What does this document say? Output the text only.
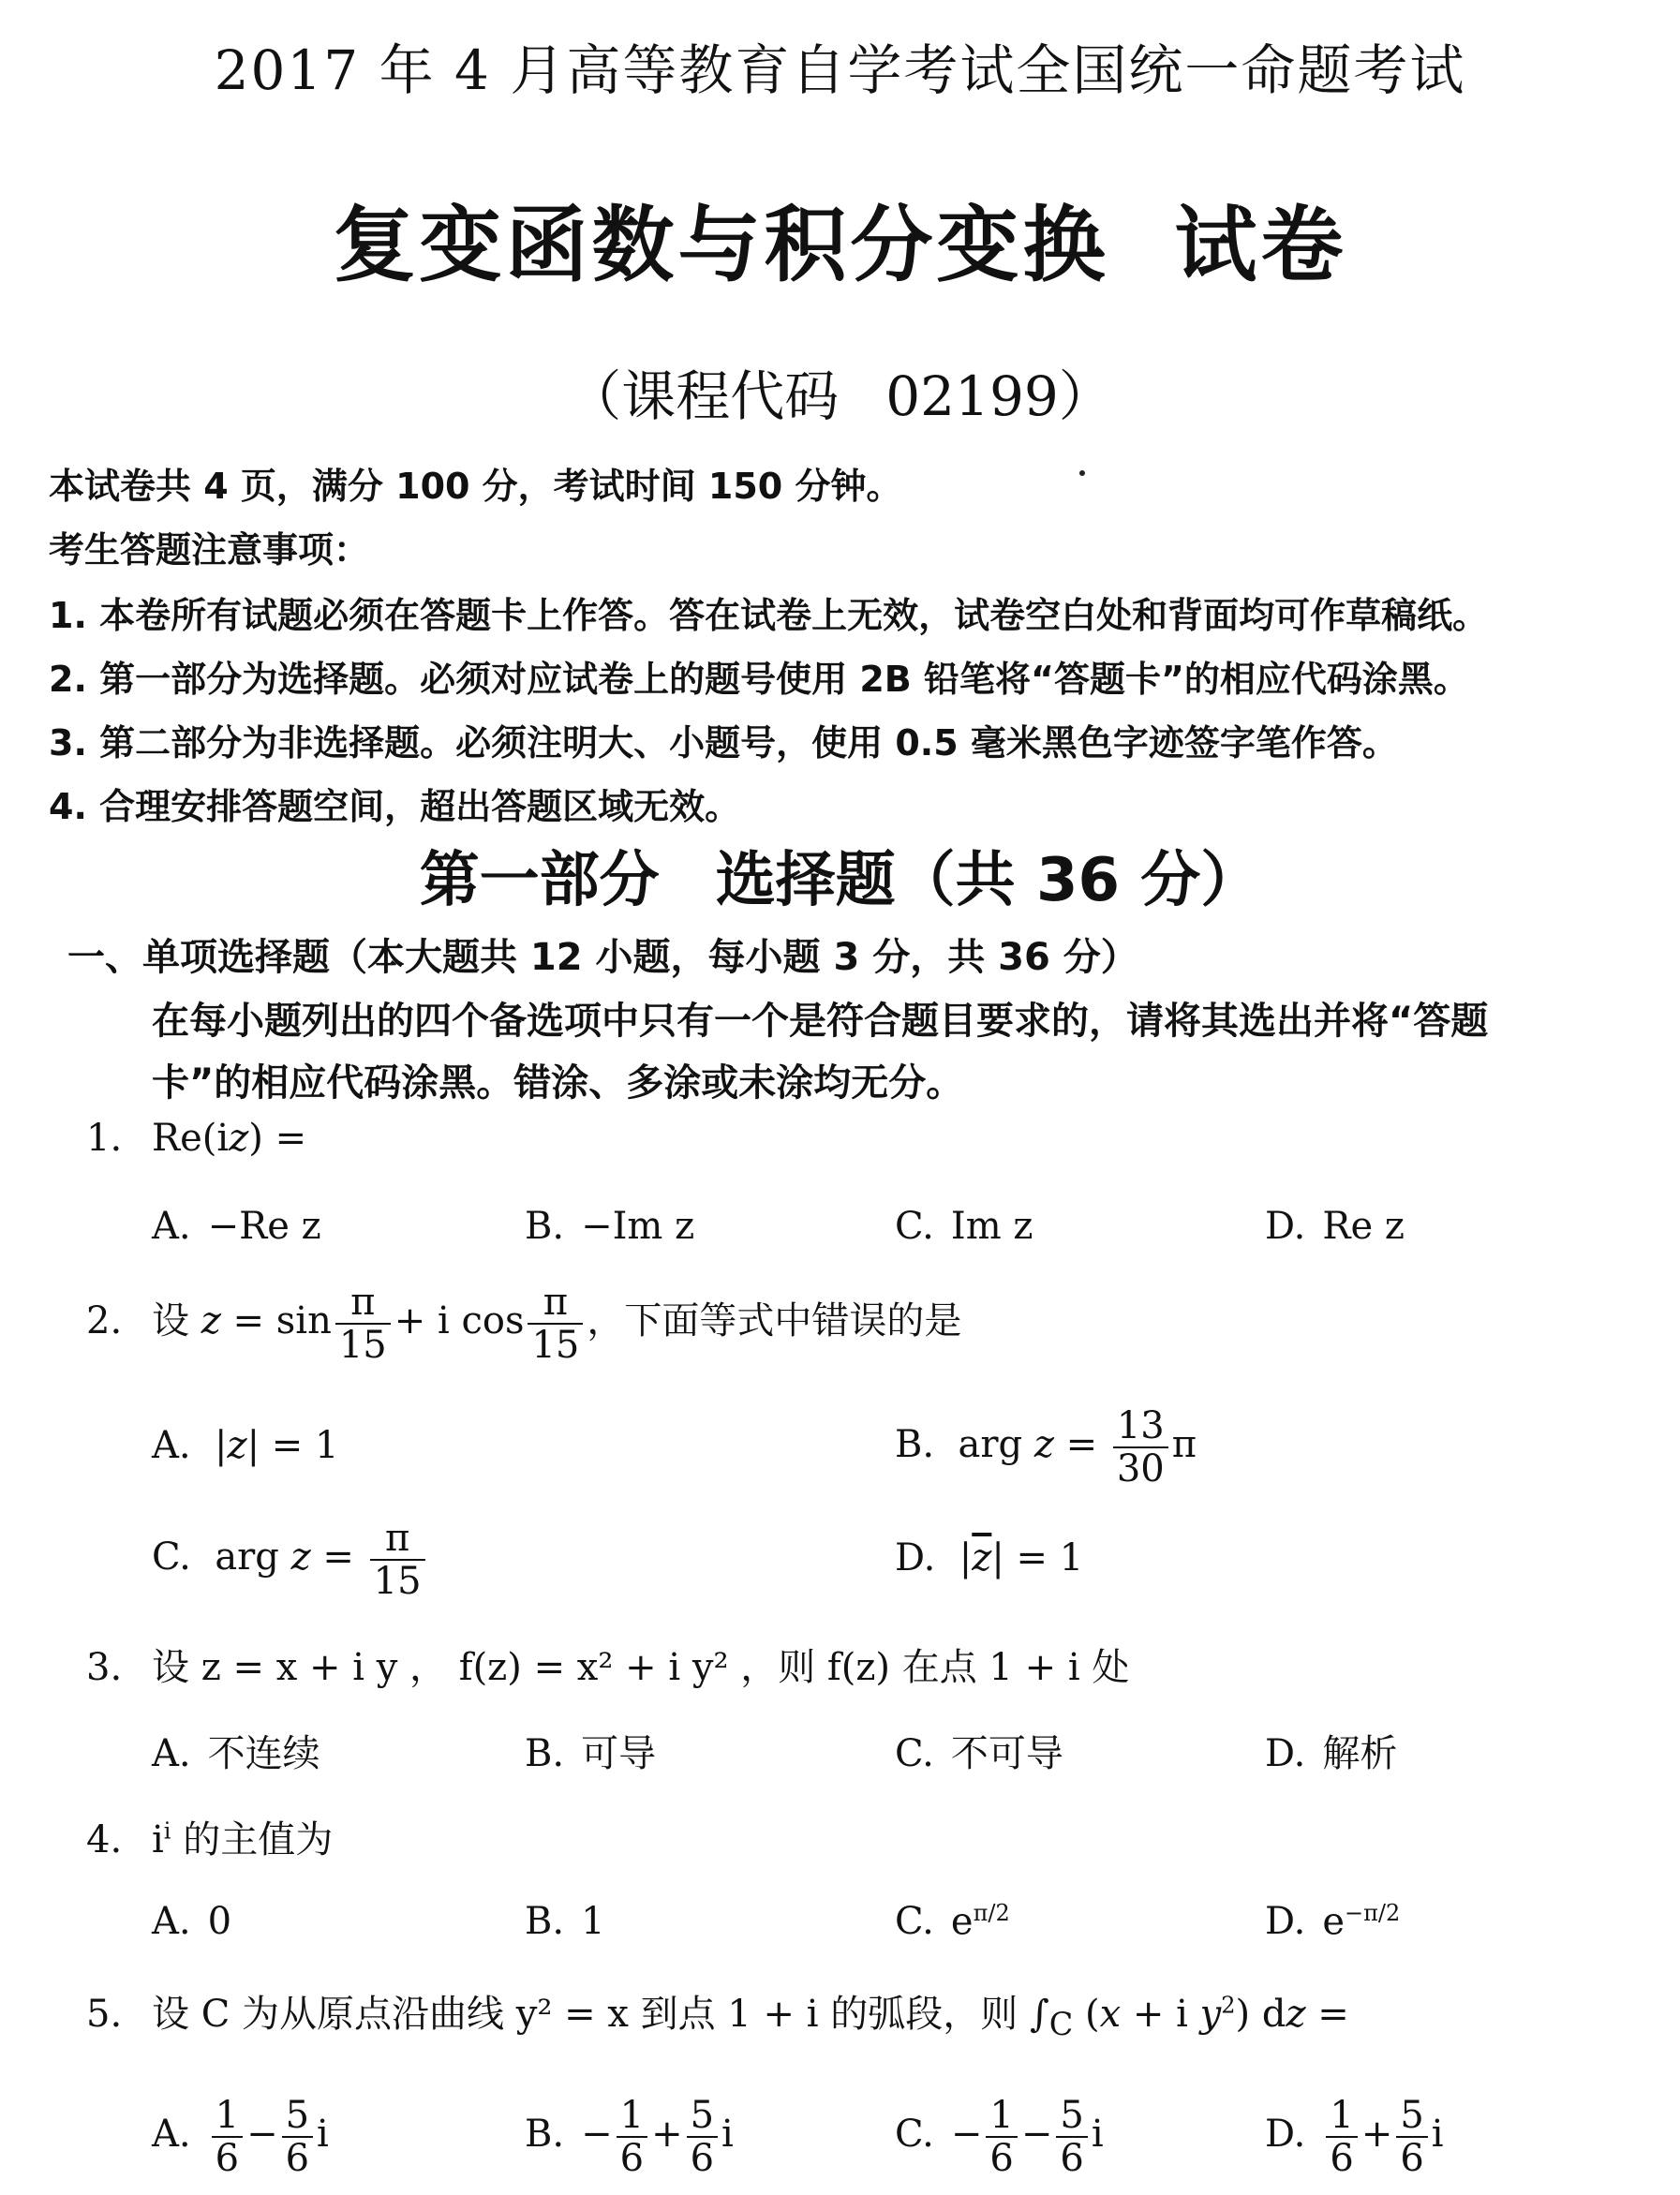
2017 年 4 月高等教育自学考试全国统一命题考试
复变函数与积分变换 试卷
（课程代码 02199）
本试卷共 4 页，满分 100 分，考试时间 150 分钟。
考生答题注意事项：
1. 本卷所有试题必须在答题卡上作答。答在试卷上无效，试卷空白处和背面均可作草稿纸。
2. 第一部分为选择题。必须对应试卷上的题号使用 2B 铅笔将“答题卡”的相应代码涂黑。
3. 第二部分为非选择题。必须注明大、小题号，使用 0.5 毫米黑色字迹签字笔作答。
4. 合理安排答题空间，超出答题区域无效。
第一部分 选择题（共 36 分）
一、单项选择题（本大题共 12 小题，每小题 3 分，共 36 分）
在每小题列出的四个备选项中只有一个是符合题目要求的，请将其选出并将“答题
卡”的相应代码涂黑。错涂、多涂或未涂均无分。
1. Re(iz) =
A. −Re z	B. −Im z	C. Im z	D. Re z
2. 设 $z = \sin \frac{\pi}{15} + i$ $\cos \frac{\pi}{15}$ ，下面等式中错误的是
A.  |z| = 1	B.  arg $z = \frac{13}{30}$ π
C.  arg $z = \frac{\pi}{15}$	D.  $|\overline{z}| = 1$
3. 设 z = x + i y ， f(z) = x² + i y² ，则 f(z) 在点 1 + i 处
A. 不连续	B. 可导	C. 不可导	D. 解析
4. $i^i$ 的主值为
A. 0	B. 1	C. $e^{\pi/2}$	D. $e^{-\pi/2}$
5. 设 C 为从原点沿曲线 y² = x 到点 1 + i 的弧段，则 $\int_C$ (x + i $y^2$) dz =
A. $\frac{1}{6} - \frac{5}{6}$ i	B. − $\frac{1}{6} + \frac{5}{6}$ i	C. − $\frac{1}{6} - \frac{5}{6}$ i	D. $\frac{1}{6} + \frac{5}{6}$ i
